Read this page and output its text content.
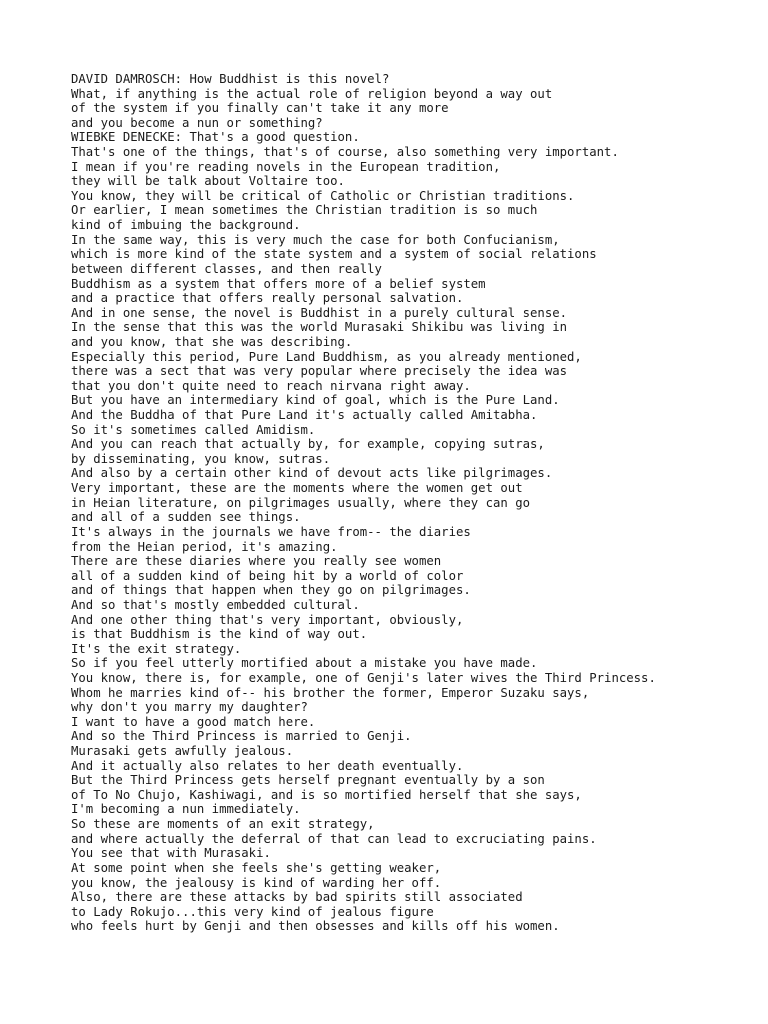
DAVID DAMROSCH: How Buddhist is this novel?
What, if anything is the actual role of religion beyond a way out
of the system if you finally can't take it any more
and you become a nun or something?
WIEBKE DENECKE: That's a good question.
That's one of the things, that's of course, also something very important.
I mean if you're reading novels in the European tradition,
they will be talk about Voltaire too.
You know, they will be critical of Catholic or Christian traditions.
Or earlier, I mean sometimes the Christian tradition is so much
kind of imbuing the background.
In the same way, this is very much the case for both Confucianism,
which is more kind of the state system and a system of social relations
between different classes, and then really
Buddhism as a system that offers more of a belief system
and a practice that offers really personal salvation.
And in one sense, the novel is Buddhist in a purely cultural sense.
In the sense that this was the world Murasaki Shikibu was living in
and you know, that she was describing.
Especially this period, Pure Land Buddhism, as you already mentioned,
there was a sect that was very popular where precisely the idea was
that you don't quite need to reach nirvana right away.
But you have an intermediary kind of goal, which is the Pure Land.
And the Buddha of that Pure Land it's actually called Amitabha.
So it's sometimes called Amidism.
And you can reach that actually by, for example, copying sutras,
by disseminating, you know, sutras.
And also by a certain other kind of devout acts like pilgrimages.
Very important, these are the moments where the women get out
in Heian literature, on pilgrimages usually, where they can go
and all of a sudden see things.
It's always in the journals we have from-- the diaries
from the Heian period, it's amazing.
There are these diaries where you really see women
all of a sudden kind of being hit by a world of color
and of things that happen when they go on pilgrimages.
And so that's mostly embedded cultural.
And one other thing that's very important, obviously,
is that Buddhism is the kind of way out.
It's the exit strategy.
So if you feel utterly mortified about a mistake you have made.
You know, there is, for example, one of Genji's later wives the Third Princess.
Whom he marries kind of-- his brother the former, Emperor Suzaku says,
why don't you marry my daughter?
I want to have a good match here.
And so the Third Princess is married to Genji.
Murasaki gets awfully jealous.
And it actually also relates to her death eventually.
But the Third Princess gets herself pregnant eventually by a son
of To No Chujo, Kashiwagi, and is so mortified herself that she says,
I'm becoming a nun immediately.
So these are moments of an exit strategy,
and where actually the deferral of that can lead to excruciating pains.
You see that with Murasaki.
At some point when she feels she's getting weaker,
you know, the jealousy is kind of warding her off.
Also, there are these attacks by bad spirits still associated
to Lady Rokujo...this very kind of jealous figure
who feels hurt by Genji and then obsesses and kills off his women.
